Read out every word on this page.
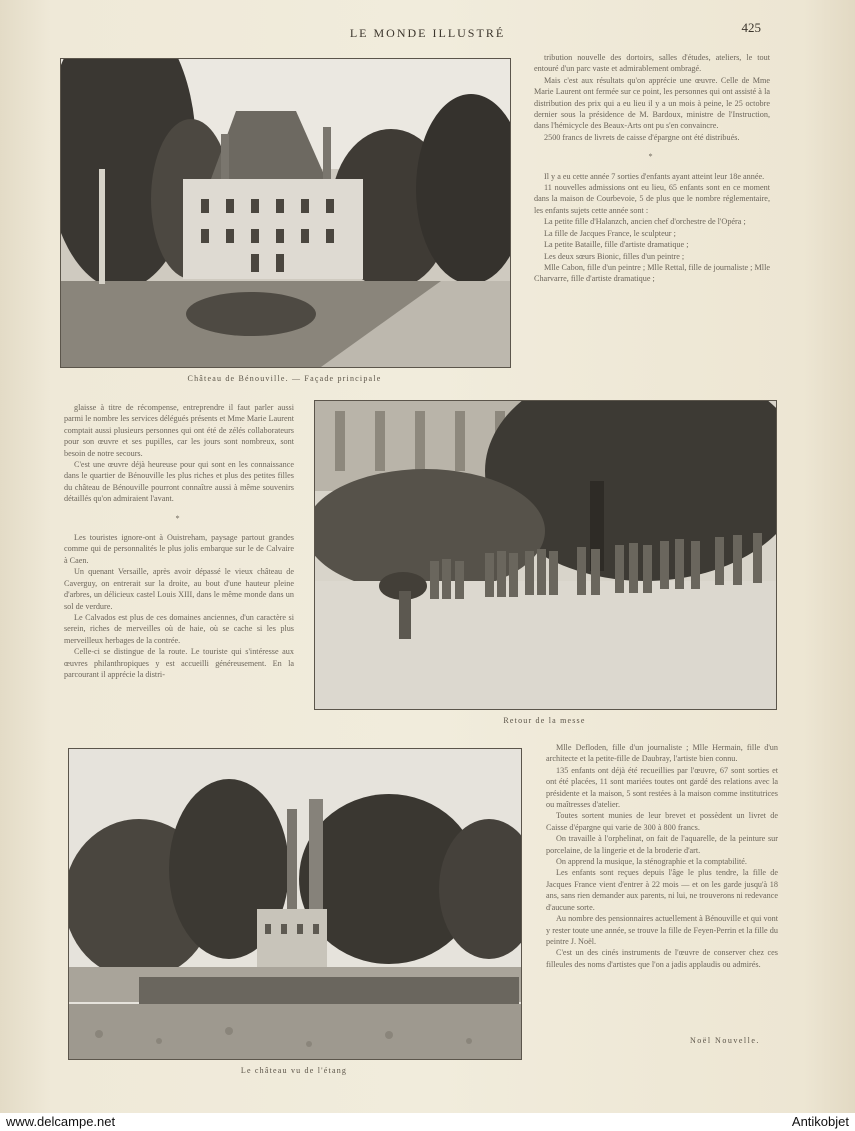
LE MONDE ILLUSTRÉ	425
Château de Bénouville. — Façade principale

tribution nouvelle des dortoirs, salles d'études, ateliers, le tout entouré d'un parc vaste et admirablement ombragé.

Mais c'est aux résultats qu'on apprécie une œuvre. Celle de Mme Marie Laurent ont fermée sur ce point, les personnes qui ont assisté à la distribution des prix qui a eu lieu il y a un mois à peine, le 25 octobre dernier sous la présidence de M. Bardoux, ministre de l'Instruction, dans l'hémicycle des Beaux-Arts ont pu s'en convaincre.

2500 francs de livrets de caisse d'épargne ont été distribués.

*

Il y a eu cette année 7 sorties d'enfants ayant atteint leur 18e année.

11 nouvelles admissions ont eu lieu, 65 enfants sont en ce moment dans la maison de Courbevoie, 5 de plus que le nombre réglementaire, les enfants sujets cette année sont :

La petite fille d'Halanzch, ancien chef d'orchestre de l'Opéra ;

La fille de Jacques France, le sculpteur ;

La petite Bataille, fille d'artiste dramatique ;

Les deux sœurs Bionic, filles d'un peintre ;

Mlle Cabon, fille d'un peintre ; Mlle Rettal, fille de journaliste ; Mlle Charvarre, fille d'artiste dramatique ;

glaisse à titre de récompense, entreprendre il faut parler aussi parmi le nombre les services délégués présents et Mme Marie Laurent comptait aussi plusieurs personnes qui ont été de zélés collaborateurs pour son œuvre et ses pupilles, car les jours sont nombreux, sont besoin de notre secours.

C'est une œuvre déjà heureuse pour qui sont en les connaissance dans le quartier de Bénouville les plus riches et plus des petites filles du château de Bénouville pourront connaître aussi à même souvenirs détaillés qu'on admiraient l'avant.

*

Les touristes ignore-ont à Ouistreham, paysage partout grandes comme qui de personnalités le plus jolis embarque sur le de Calvaire à Caen.

Un quenant Versaille, après avoir dépassé le vieux château de Caverguy, on entrerait sur la droite, au bout d'une hauteur pleine d'arbres, un délicieux castel Louis XIII, dans le même monde dans un sol de verdure.

Le Calvados est plus de ces domaines anciennes, d'un caractère si serein, riches de merveilles où de haie, où se cache si les plus merveilleux herbages de la contrée.

Celle-ci se distingue de la route. Le touriste qui s'intéresse aux œuvres philanthropiques y est accueilli généreusement. En la parcourant il apprécie la distri-

Retour de la messe
Le château vu de l'étang

Mlle Defloden, fille d'un journaliste ; Mlle Hermain, fille d'un architecte et la petite-fille de Daubray, l'artiste bien connu.

135 enfants ont déjà été recueillies par l'œuvre, 67 sont sorties et ont été placées, 11 sont mariées toutes ont gardé des relations avec la présidente et la maison, 5 sont restées à la maison comme institutrices ou maîtresses d'atelier.

Toutes sortent munies de leur brevet et possèdent un livret de Caisse d'épargne qui varie de 300 à 800 francs.

On travaille à l'orphelinat, on fait de l'aquarelle, de la peinture sur porcelaine, de la lingerie et de la broderie d'art.

On apprend la musique, la sténographie et la comptabilité.

Les enfants sont reçues depuis l'âge le plus tendre, la fille de Jacques France vient d'entrer à 22 mois — et on les garde jusqu'à 18 ans, sans rien demander aux parents, ni lui, ne trouverons ni redevance d'aucune sorte.

Au nombre des pensionnaires actuellement à Bénouville et qui vont y rester toute une année, se trouve la fille de Feyen-Perrin et la fille du peintre J. Noël.

C'est un des cinés instruments de l'œuvre de conserver chez ces filleules des noms d'artistes que l'on a jadis applaudis ou admirés.

Noël Nouvelle.
www.delcampe.net	Antikobjet
